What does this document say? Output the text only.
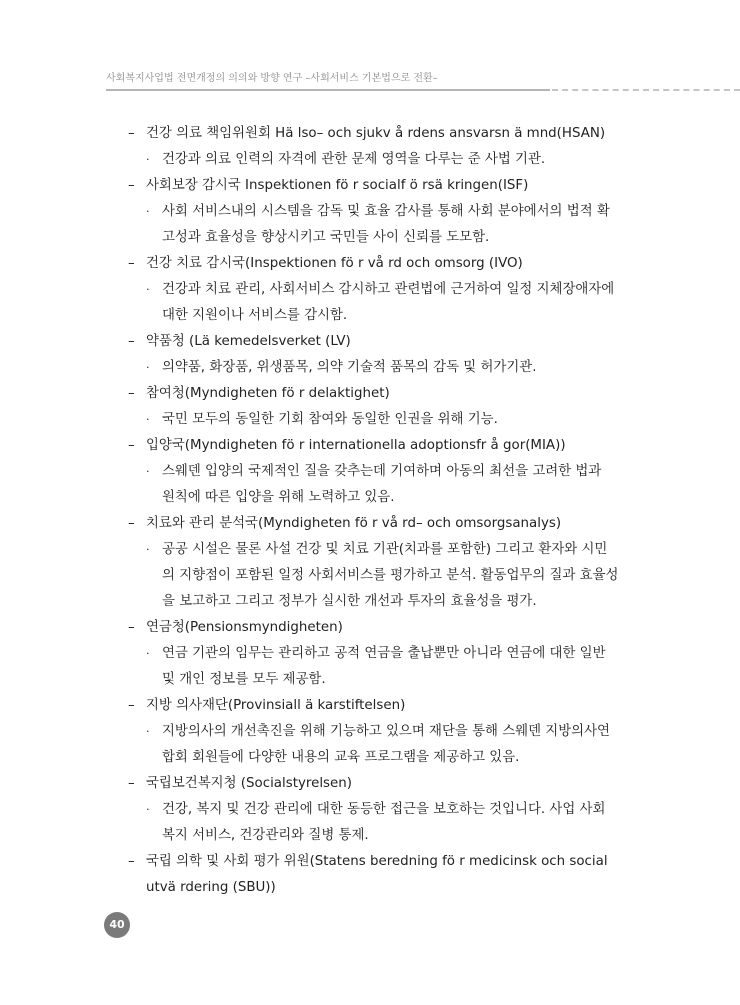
사회복지사업법 전면개정의 의의와 방향 연구 –사회서비스 기본법으로 전환–
– 건강 의료 책임위원회 Hä lso– och sjukv å rdens ansvarsn ä mnd(HSAN)
· 건강과 의료 인력의 자격에 관한 문제 영역을 다루는 준 사법 기관.
– 사회보장 감시국 Inspektionen fö r socialf ö rsä kringen(ISF)
· 사회 서비스내의 시스템을 감독 및 효율 감사를 통해 사회 분야에서의 법적 확
고성과 효율성을 향상시키고 국민들 사이 신뢰를 도모함.
– 건강 치료 감시국(Inspektionen fö r vå rd och omsorg (IVO)
· 건강과 치료 관리, 사회서비스 감시하고 관련법에 근거하여 일정 지체장애자에
대한 지원이나 서비스를 감시함.
– 약품청 (Lä kemedelsverket (LV)
· 의약품, 화장품, 위생품목, 의약 기술적 품목의 감독 및 허가기관.
– 참여청(Myndigheten fö r delaktighet)
· 국민 모두의 동일한 기회 참여와 동일한 인권을 위해 기능.
– 입양국(Myndigheten fö r internationella adoptionsfr å gor(MIA))
· 스웨덴 입양의 국제적인 질을 갖추는데 기여하며 아동의 최선을 고려한 법과
원칙에 따른 입양을 위해 노력하고 있음.
– 치료와 관리 분석국(Myndigheten fö r vå rd– och omsorgsanalys)
· 공공 시설은 물론 사설 건강 및 치료 기관(치과를 포함한) 그리고 환자와 시민
의 지향점이 포함된 일정 사회서비스를 평가하고 분석. 활동업무의 질과 효율성
을 보고하고 그리고 정부가 실시한 개선과 투자의 효율성을 평가.
– 연금청(Pensionsmyndigheten)
· 연금 기관의 임무는 관리하고 공적 연금을 출납뿐만 아니라 연금에 대한 일반
및 개인 정보를 모두 제공함.
– 지방 의사재단(Provinsiall ä karstiftelsen)
· 지방의사의 개선촉진을 위해 기능하고 있으며 재단을 통해 스웨덴 지방의사연
합회 회원들에 다양한 내용의 교육 프로그램을 제공하고 있음.
– 국립보건복지청 (Socialstyrelsen)
· 건강, 복지 및 건강 관리에 대한 동등한 접근을 보호하는 것입니다. 사업 사회
복지 서비스, 건강관리와 질병 통제.
– 국립 의학 및 사회 평가 위원(Statens beredning fö r medicinsk och social
utvä rdering (SBU))
40
